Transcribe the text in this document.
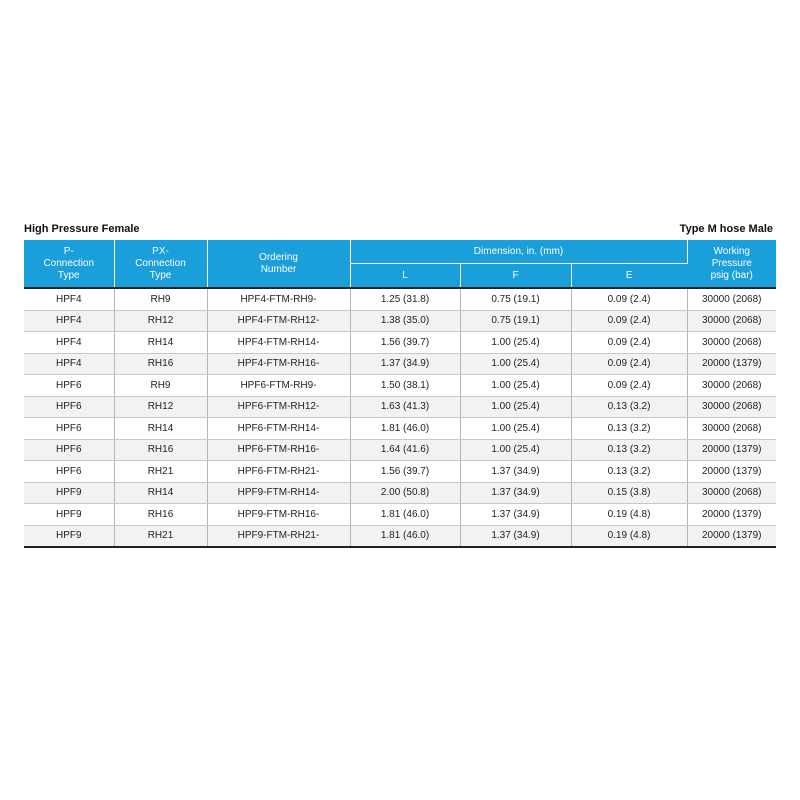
High Pressure Female	Type M hose Male
P-
Connection
Type	PX-
Connection
Type	Ordering
Number	Dimension, in. (mm)			Working
Pressure
psig (bar)
			L	F	E	
HPF4	RH9	HPF4-FTM-RH9-	1.25 (31.8)	0.75 (19.1)	0.09 (2.4)	30000 (2068)
HPF4	RH12	HPF4-FTM-RH12-	1.38 (35.0)	0.75 (19.1)	0.09 (2.4)	30000 (2068)
HPF4	RH14	HPF4-FTM-RH14-	1.56 (39.7)	1.00 (25.4)	0.09 (2.4)	30000 (2068)
HPF4	RH16	HPF4-FTM-RH16-	1.37 (34.9)	1.00 (25.4)	0.09 (2.4)	20000 (1379)
HPF6	RH9	HPF6-FTM-RH9-	1.50 (38.1)	1.00 (25.4)	0.09 (2.4)	30000 (2068)
HPF6	RH12	HPF6-FTM-RH12-	1.63 (41.3)	1.00 (25.4)	0.13 (3.2)	30000 (2068)
HPF6	RH14	HPF6-FTM-RH14-	1.81 (46.0)	1.00 (25.4)	0.13 (3.2)	30000 (2068)
HPF6	RH16	HPF6-FTM-RH16-	1.64 (41.6)	1.00 (25.4)	0.13 (3.2)	20000 (1379)
HPF6	RH21	HPF6-FTM-RH21-	1.56 (39.7)	1.37 (34.9)	0.13 (3.2)	20000 (1379)
HPF9	RH14	HPF9-FTM-RH14-	2.00 (50.8)	1.37 (34.9)	0.15 (3.8)	30000 (2068)
HPF9	RH16	HPF9-FTM-RH16-	1.81 (46.0)	1.37 (34.9)	0.19 (4.8)	20000 (1379)
HPF9	RH21	HPF9-FTM-RH21-	1.81 (46.0)	1.37 (34.9)	0.19 (4.8)	20000 (1379)
